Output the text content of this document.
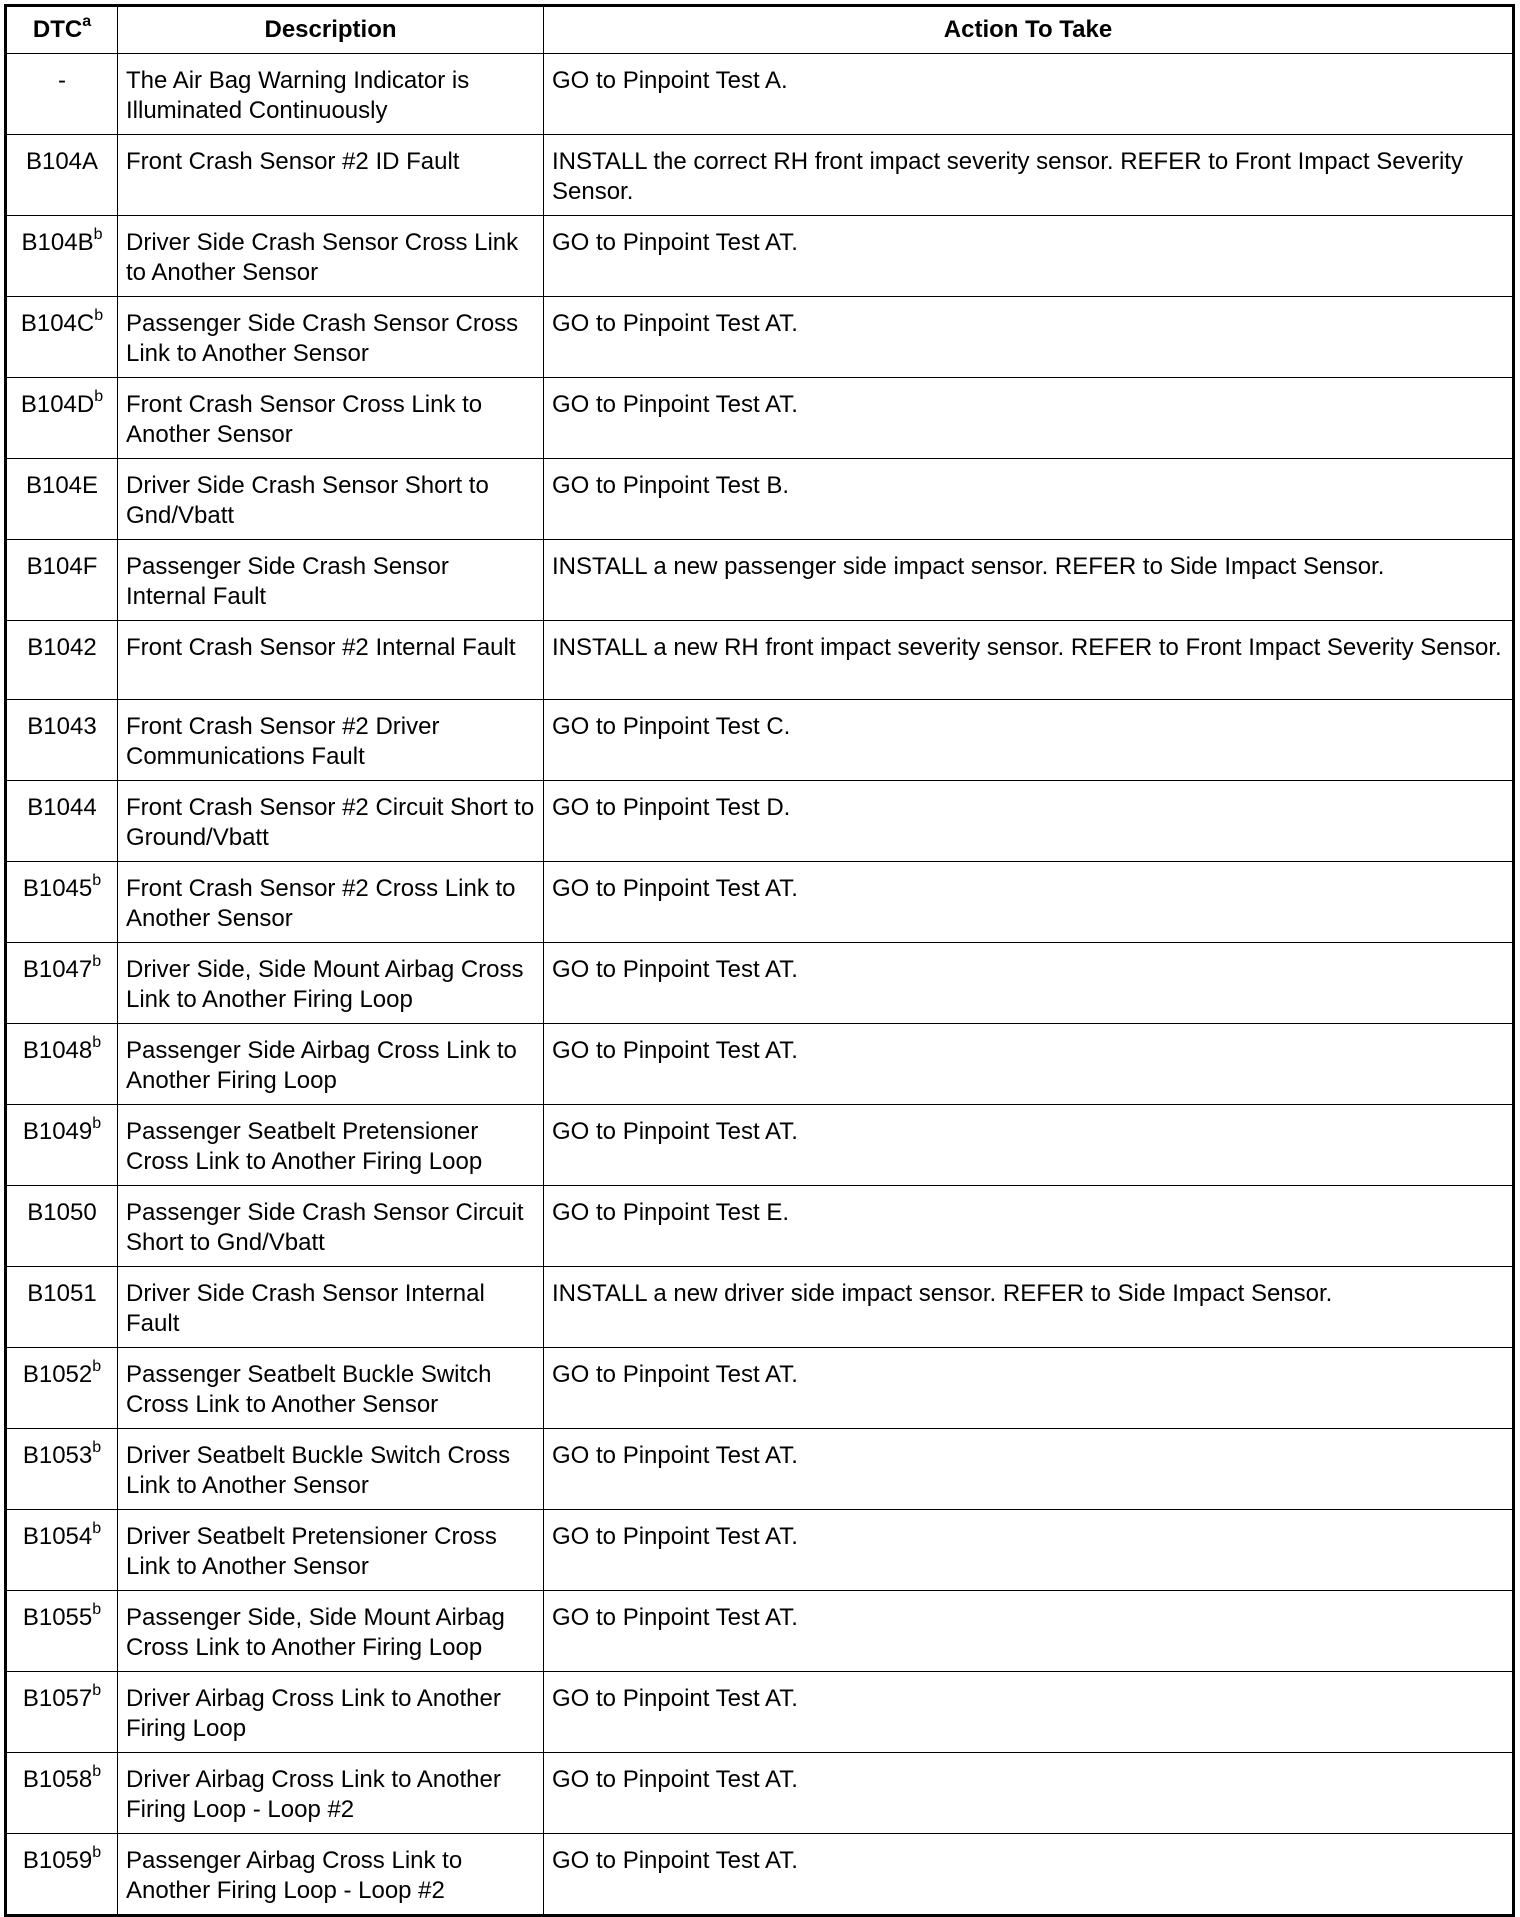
DTC$^a$	Description	Action To Take
-	The Air Bag Warning Indicator is Illuminated Continuously	GO to Pinpoint Test A.
B104A	Front Crash Sensor #2 ID Fault	INSTALL the correct RH front impact severity sensor. REFER to Front Impact Severity Sensor.
$B104B^b$	Driver Side Crash Sensor Cross Link to Another Sensor	GO to Pinpoint Test AT.
$B104C^b$	Passenger Side Crash Sensor Cross Link to Another Sensor	GO to Pinpoint Test AT.
$B104D^b$	Front Crash Sensor Cross Link to Another Sensor	GO to Pinpoint Test AT.
B104E	Driver Side Crash Sensor Short to Gnd/Vbatt	GO to Pinpoint Test B.
B104F	Passenger Side Crash Sensor Internal Fault	INSTALL a new passenger side impact sensor. REFER to Side Impact Sensor.
B1042	Front Crash Sensor #2 Internal Fault	INSTALL a new RH front impact severity sensor. REFER to Front Impact Severity Sensor.
B1043	Front Crash Sensor #2 Driver Communications Fault	GO to Pinpoint Test C.
B1044	Front Crash Sensor #2 Circuit Short to Ground/Vbatt	GO to Pinpoint Test D.
B1045$^b$	Front Crash Sensor #2 Cross Link to Another Sensor	GO to Pinpoint Test AT.
B1047$^b$	Driver Side, Side Mount Airbag Cross Link to Another Firing Loop	GO to Pinpoint Test AT.
B1048$^b$	Passenger Side Airbag Cross Link to Another Firing Loop	GO to Pinpoint Test AT.
B1049$^b$	Passenger Seatbelt Pretensioner Cross Link to Another Firing Loop	GO to Pinpoint Test AT.
B1050	Passenger Side Crash Sensor Circuit Short to Gnd/Vbatt	GO to Pinpoint Test E.
B1051	Driver Side Crash Sensor Internal Fault	INSTALL a new driver side impact sensor. REFER to Side Impact Sensor.
B1052$^b$	Passenger Seatbelt Buckle Switch Cross Link to Another Sensor	GO to Pinpoint Test AT.
B1053$^b$	Driver Seatbelt Buckle Switch Cross Link to Another Sensor	GO to Pinpoint Test AT.
B1054$^b$	Driver Seatbelt Pretensioner Cross Link to Another Sensor	GO to Pinpoint Test AT.
B1055$^b$	Passenger Side, Side Mount Airbag Cross Link to Another Firing Loop	GO to Pinpoint Test AT.
B1057$^b$	Driver Airbag Cross Link to Another Firing Loop	GO to Pinpoint Test AT.
B1058$^b$	Driver Airbag Cross Link to Another Firing Loop - Loop #2	GO to Pinpoint Test AT.
B1059$^b$	Passenger Airbag Cross Link to Another Firing Loop - Loop #2	GO to Pinpoint Test AT.
